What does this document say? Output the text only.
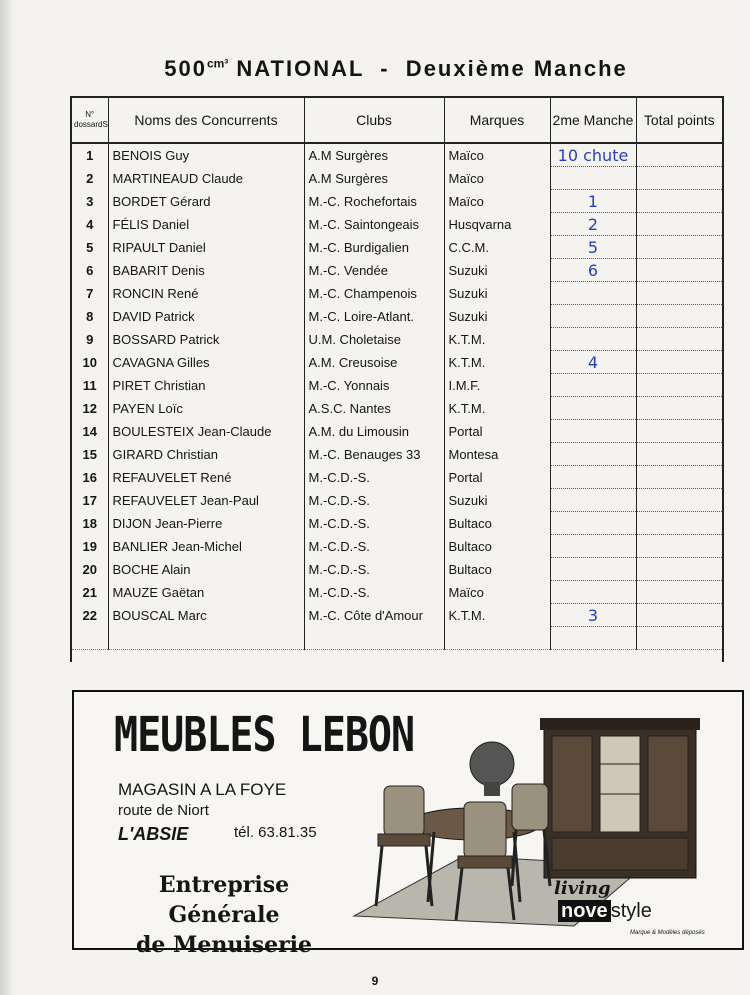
$500^{cm^3}$ NATIONAL  -  Deuxième Manche
N° dossardS	Noms des Concurrents	Clubs	Marques	2me Manche	Total points
1	BENOIS Guy	A.M Surgères	Maïco	10 chute	
2	MARTINEAUD Claude	A.M Surgères	Maïco		
3	BORDET Gérard	M.-C. Rochefortais	Maïco	1	
4	FÉLIS Daniel	M.-C. Saintongeais	Husqvarna	2	
5	RIPAULT Daniel	M.-C. Burdigalien	C.C.M.	5	
6	BABARIT Denis	M.-C. Vendée	Suzuki	6	
7	RONCIN René	M.-C. Champenois	Suzuki		
8	DAVID Patrick	M.-C. Loire-Atlant.	Suzuki		
9	BOSSARD Patrick	U.M. Choletaise	K.T.M.		
10	CAVAGNA Gilles	A.M. Creusoise	K.T.M.	4	
11	PIRET Christian	M.-C. Yonnais	I.M.F.		
12	PAYEN Loïc	A.S.C. Nantes	K.T.M.		
14	BOULESTEIX Jean-Claude	A.M. du Limousin	Portal		
15	GIRARD Christian	M.-C. Benauges 33	Montesa		
16	REFAUVELET René	M.-C.D.-S.	Portal		
17	REFAUVELET Jean-Paul	M.-C.D.-S.	Suzuki		
18	DIJON Jean-Pierre	M.-C.D.-S.	Bultaco		
19	BANLIER Jean-Michel	M.-C.D.-S.	Bultaco		
20	BOCHE Alain	M.-C.D.-S.	Bultaco		
21	MAUZE Gaëtan	M.-C.D.-S.	Maïco		
22	BOUSCAL Marc	M.-C. Côte d'Amour	K.T.M.	3	

MEUBLES LEBON
MAGASIN A LA FOYE
route de Niort
L'ABSIE	tél. 63.81.35
Entreprise Générale
de Menuiserie
living
nove style
Marque & Modèles déposés
9
